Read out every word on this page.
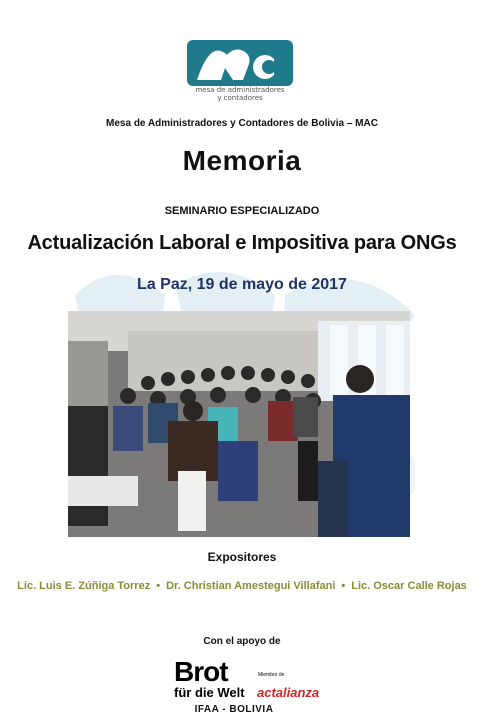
mesa de administradores
y contadores
Mesa de Administradores y Contadores de Bolivia – MAC
Memoria
SEMINARIO ESPECIALIZADO
Actualización Laboral e Impositiva para ONGs
La Paz, 19 de mayo de 2017
Expositores
Lic. Luis E. Zúñiga Torrez • Dr. Christian Amestegui Villafani • Lic. Oscar Calle Rojas
Con el apoyo de
Brot	Miembro de
für die Welt actalianza
IFAA - BOLIVIA
